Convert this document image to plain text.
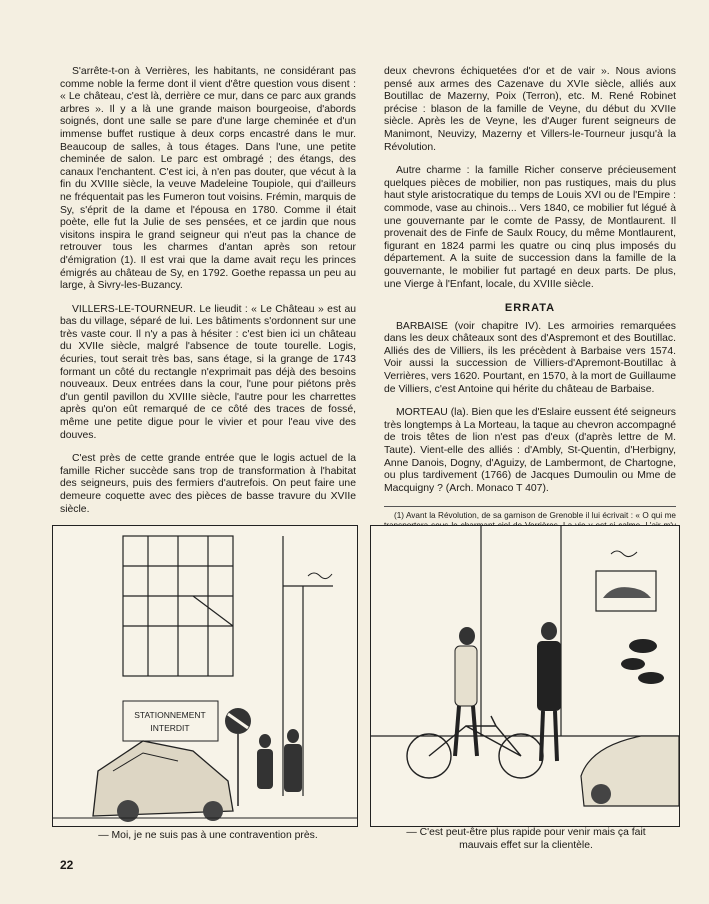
S'arrête-t-on à Verrières, les habitants, ne considérant pas comme noble la ferme dont il vient d'être question vous disent : « Le château, c'est là, derrière ce mur, dans ce parc aux grands arbres ». Il y a là une grande maison bourgeoise, d'abords soignés, dont une salle se pare d'une large cheminée et d'un immense buffet rustique à deux corps encastré dans le mur. Beaucoup de salles, à tous étages. Dans l'une, une petite cheminée de salon. Le parc est ombragé ; des étangs, des canaux l'enchantent. C'est ici, à n'en pas douter, que vécut à la fin du XVIIIe siècle, la veuve Madeleine Toupiole, qui d'ailleurs ne fréquentait pas les Fumeron tout voisins. Frémin, marquis de Sy, s'éprit de la dame et l'épousa en 1780. Comme il était poète, elle fut la Julie de ses pensées, et ce jardin que nous visitons inspira le grand seigneur qui n'eut pas la chance de retrouver tous les charmes d'antan après son retour d'émigration (1). Il est vrai que la dame avait reçu les princes émigrés au château de Sy, en 1792. Goethe repassa un peu au large, à Sivry-les-Buzancy.

VILLERS-LE-TOURNEUR. Le lieudit : « Le Château » est au bas du village, séparé de lui. Les bâtiments s'ordonnent sur une très vaste cour. Il n'y a pas à hésiter : c'est bien ici un château du XVIIe siècle, malgré l'absence de toute tourelle. Logis, écuries, tout serait très bas, sans étage, si la grange de 1743 formant un côté du rectangle n'exprimait pas déjà des besoins nouveaux. Deux entrées dans la cour, l'une pour piétons près d'un gentil pavillon du XVIIIe siècle, l'autre pour les charrettes après qu'on eût remarqué de ce côté des traces de fossé, même une petite digue pour le vivier et pour l'eau vive des douves.

C'est près de cette grande entrée que le logis actuel de la famille Richer succède sans trop de transformation à l'habitat des seigneurs, puis des fermiers d'autrefois. On peut faire une demeure coquette avec des pièces de basse travure du XVIIe siècle.

deux chevrons échiquetées d'or et de vair ». Nous avions pensé aux armes des Cazenave du XVIe siècle, alliés aux Boutillac de Mazerny, Poix (Terron), etc. M. René Robinet précise : blason de la famille de Veyne, du début du XVIIe siècle. Après les de Veyne, les d'Auger furent seigneurs de Manimont, Neuvizy, Mazerny et Villers-le-Tourneur jusqu'à la Révolution.

Autre charme : la famille Richer conserve précieusement quelques pièces de mobilier, non pas rustiques, mais du plus haut style aristocratique du temps de Louis XVI ou de l'Empire : commode, vase au chinois... Vers 1840, ce mobilier fut légué à une gouvernante par le comte de Passy, de Montlaurent. Il provenait des de Finfe de Saulx Roucy, du même Montlaurent, figurant en 1824 parmi les quatre ou cinq plus imposés du département. A la suite de succession dans la famille de la gouvernante, le mobilier fut partagé en deux parts. De plus, une Vierge à l'Enfant, locale, du XVIIIe siècle.

ERRATA

BARBAISE (voir chapitre IV). Les armoiries remarquées dans les deux châteaux sont des d'Aspremont et des Boutillac. Alliés des de Villiers, ils les précèdent à Barbaise vers 1574. Voir aussi la succession de Villiers-d'Apremont-Boutillac à Verrières, vers 1620. Pourtant, en 1570, à la mort de Guillaume de Villiers, c'est Antoine qui hérite du château de Barbaise.

MORTEAU (la). Bien que les d'Eslaire eussent été seigneurs très longtemps à La Morteau, la taque au chevron accompagné de trois têtes de lion n'est pas d'eux (d'après lettre de M. Taute). Vient-elle des alliés : d'Ambly, St-Quentin, d'Herbigny, Anne Danois, Dogny, d'Aguizy, de Lambermont, de Chartogne, ou plus tardivement (1766) de Jacques Dumoulin ou Mme de Macquigny ? (Arch. Monaco T 407).

(1) Avant la Révolution, de sa garnison de Grenoble il lui écrivait : « O qui me

STATIONNEMENT
INTERDIT
— Moi, je ne suis pas à une contravention près.	— C'est peut-être plus rapide pour venir mais ça fait
mauvais effet sur la clientèle.
22
